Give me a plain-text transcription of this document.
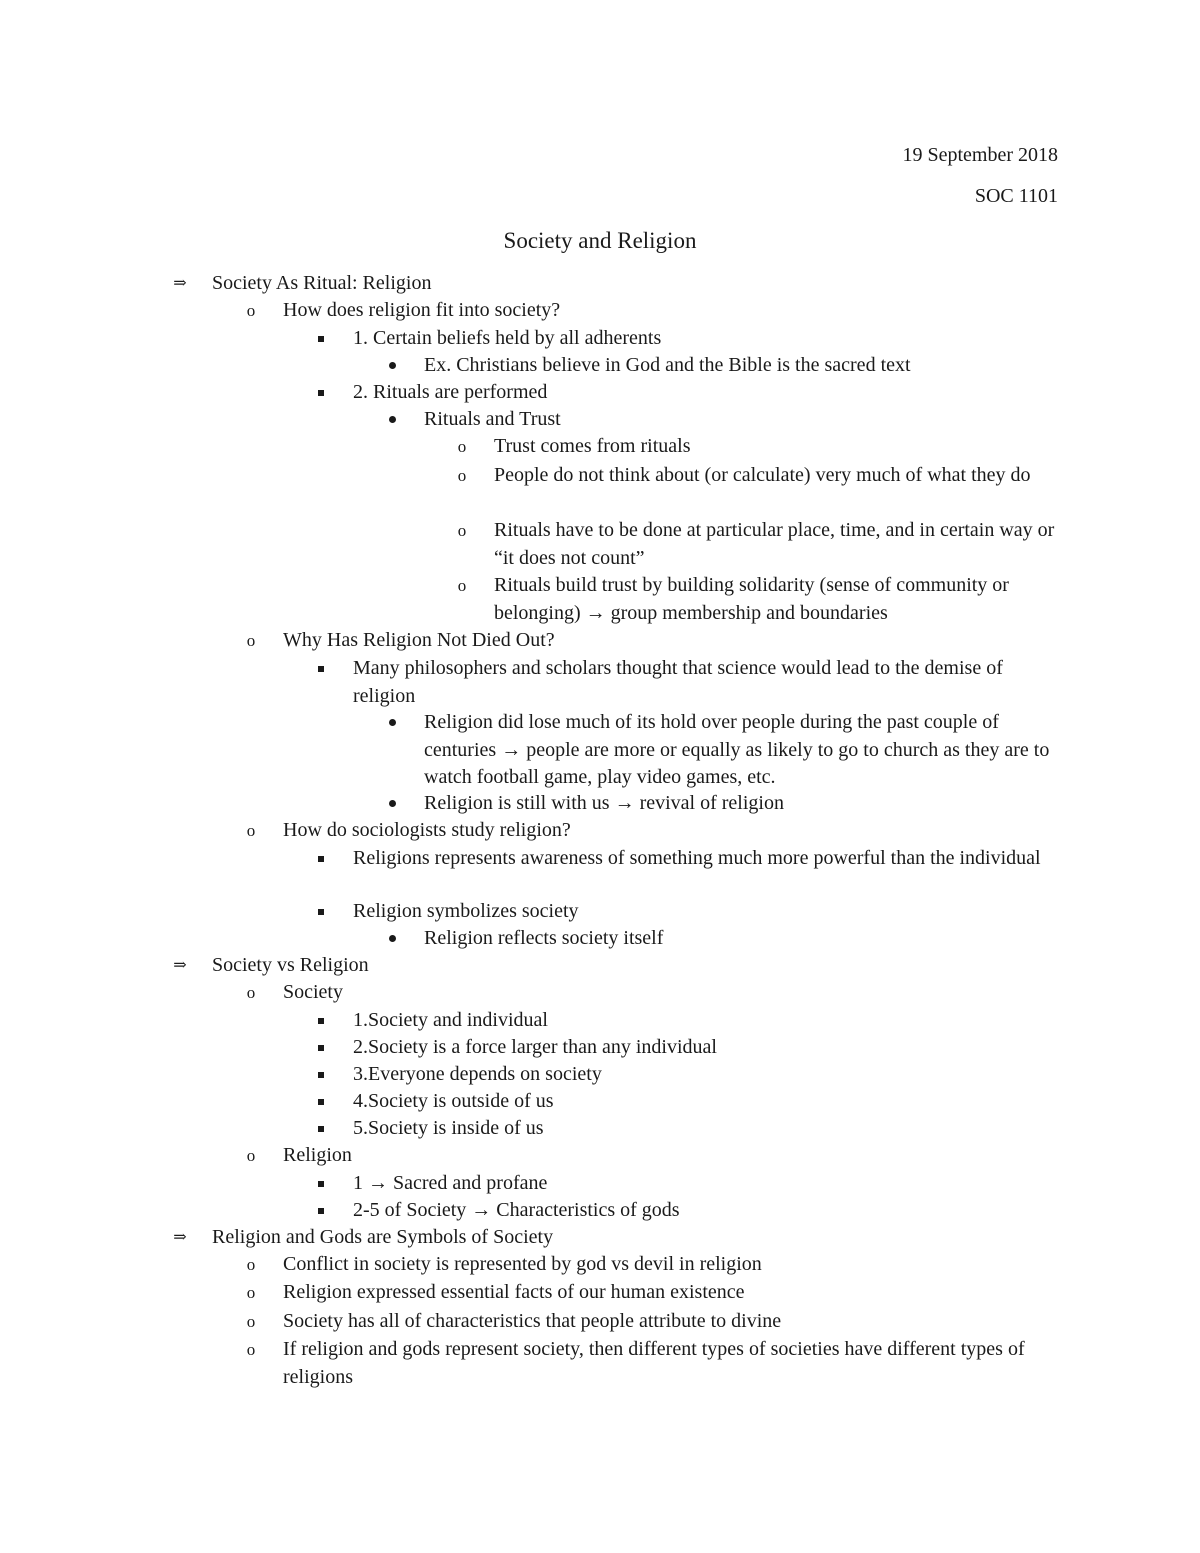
19 September 2018
SOC 1101
Society and Religion
⇒ Society As Ritual: Religion
o	How does religion fit into society?
1. Certain beliefs held by all adherents
Ex. Christians believe in God and the Bible is the sacred text
2. Rituals are performed
Rituals and Trust
o	Trust comes from rituals
o	People do not think about (or calculate) very much of what they do
o	Rituals have to be done at particular place, time, and in certain way or “it does not count”
o	Rituals build trust by building solidarity (sense of community or belonging) → group membership and boundaries
o	Why Has Religion Not Died Out?
Many philosophers and scholars thought that science would lead to the demise of religion
Religion did lose much of its hold over people during the past couple of centuries → people are more or equally as likely to go to church as they are to watch football game, play video games, etc.
Religion is still with us → revival of religion
o	How do sociologists study religion?
Religions represents awareness of something much more powerful than the individual
Religion symbolizes society
Religion reflects society itself
⇒ Society vs Religion
o	Society
1.Society and individual
2.Society is a force larger than any individual
3.Everyone depends on society
4.Society is outside of us
5.Society is inside of us
o	Religion
1 → Sacred and profane
2-5 of Society → Characteristics of gods
⇒ Religion and Gods are Symbols of Society
o	Conflict in society is represented by god vs devil in religion
o	Religion expressed essential facts of our human existence
o	Society has all of characteristics that people attribute to divine
o	If religion and gods represent society, then different types of societies have different types of religions
